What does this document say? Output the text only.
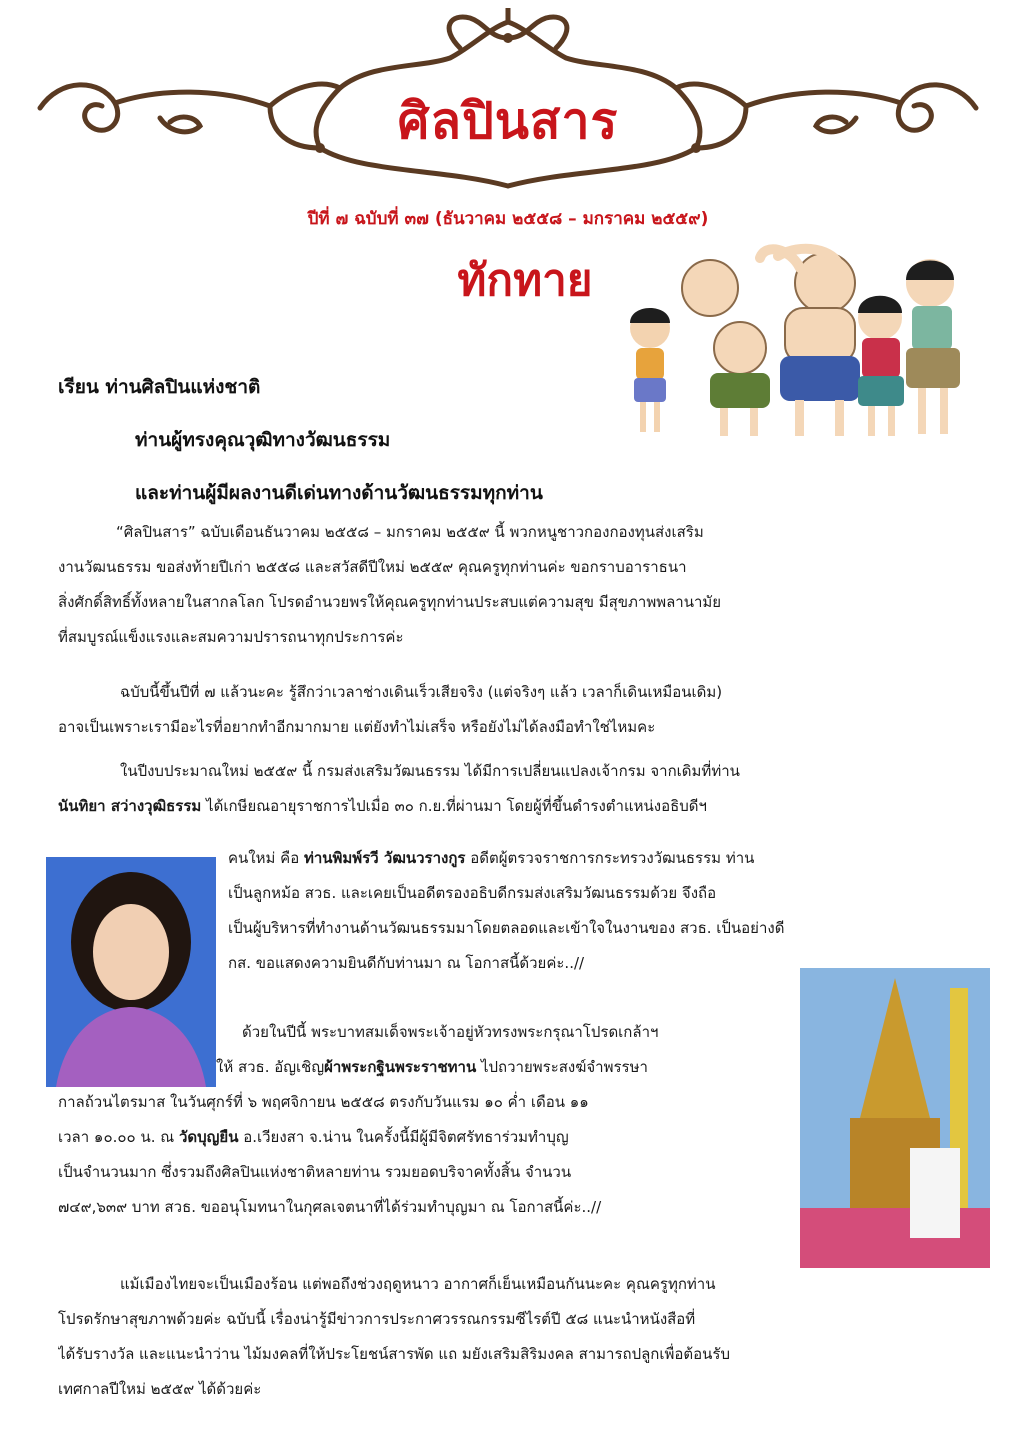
ศิลปินสาร
ปีที่ ๗ ฉบับที่ ๓๗ (ธันวาคม ๒๕๕๘ – มกราคม ๒๕๕๙)
ทักทาย
เรียน ท่านศิลปินแห่งชาติ
ท่านผู้ทรงคุณวุฒิทางวัฒนธรรม
และท่านผู้มีผลงานดีเด่นทางด้านวัฒนธรรมทุกท่าน
“ศิลปินสาร” ฉบับเดือนธันวาคม ๒๕๕๘ – มกราคม ๒๕๕๙ นี้ พวกหนูชาวกองกองทุนส่งเสริม
งานวัฒนธรรม ขอส่งท้ายปีเก่า ๒๕๕๘ และสวัสดีปีใหม่ ๒๕๕๙ คุณครูทุกท่านค่ะ ขอกราบอาราธนา
สิ่งศักดิ์สิทธิ์ทั้งหลายในสากลโลก โปรดอำนวยพรให้คุณครูทุกท่านประสบแต่ความสุข มีสุขภาพพลานามัย
ที่สมบูรณ์แข็งแรงและสมความปรารถนาทุกประการค่ะ
ฉบับนี้ขึ้นปีที่ ๗ แล้วนะคะ รู้สึกว่าเวลาช่างเดินเร็วเสียจริง (แต่จริงๆ แล้ว เวลาก็เดินเหมือนเดิม)
อาจเป็นเพราะเรามีอะไรที่อยากทำอีกมากมาย แต่ยังทำไม่เสร็จ หรือยังไม่ได้ลงมือทำใช่ไหมคะ
ในปีงบประมาณใหม่ ๒๕๕๙ นี้ กรมส่งเสริมวัฒนธรรม ได้มีการเปลี่ยนแปลงเจ้ากรม จากเดิมที่ท่าน
นันทิยา สว่างวุฒิธรรม ได้เกษียณอายุราชการไปเมื่อ ๓๐ ก.ย.ที่ผ่านมา โดยผู้ที่ขึ้นดำรงตำแหน่งอธิบดีฯ
คนใหม่ คือ ท่านพิมพ์รวี วัฒนวรางกูร อดีตผู้ตรวจราชการกระทรวงวัฒนธรรม ท่าน
เป็นลูกหม้อ สวธ. และเคยเป็นอดีตรองอธิบดีกรมส่งเสริมวัฒนธรรมด้วย จึงถือ
เป็นผู้บริหารที่ทำงานด้านวัฒนธรรมมาโดยตลอดและเข้าใจในงานของ สวธ. เป็นอย่างดี
กส. ขอแสดงความยินดีกับท่านมา ณ โอกาสนี้ด้วยค่ะ..//
ด้วยในปีนี้ พระบาทสมเด็จพระเจ้าอยู่หัวทรงพระกรุณาโปรดเกล้าฯ
ให้ สวธ. อัญเชิญผ้าพระกฐินพระราชทาน ไปถวายพระสงฆ์จำพรรษา
กาลถ้วนไตรมาส ในวันศุกร์ที่ ๖ พฤศจิกายน ๒๕๕๘ ตรงกับวันแรม ๑๐ ค่ำ เดือน ๑๑
เวลา ๑๐.๐๐ น. ณ วัดบุญยืน อ.เวียงสา จ.น่าน ในครั้งนี้มีผู้มีจิตศรัทธาร่วมทำบุญ
เป็นจำนวนมาก ซึ่งรวมถึงศิลปินแห่งชาติหลายท่าน รวมยอดบริจาคทั้งสิ้น จำนวน
๗๔๙,๖๓๙ บาท สวธ. ขออนุโมทนาในกุศลเจตนาที่ได้ร่วมทำบุญมา ณ โอกาสนี้ค่ะ..//
แม้เมืองไทยจะเป็นเมืองร้อน แต่พอถึงช่วงฤดูหนาว อากาศก็เย็นเหมือนกันนะคะ คุณครูทุกท่าน
โปรดรักษาสุขภาพด้วยค่ะ ฉบับนี้ เรื่องน่ารู้มีข่าวการประกาศวรรณกรรมซีไรต์ปี ๕๘ แนะนำหนังสือที่
ได้รับรางวัล และแนะนำว่าน ไม้มงคลที่ให้ประโยชน์สารพัด แถ มยังเสริมสิริมงคล สามารถปลูกเพื่อต้อนรับ
เทศกาลปีใหม่ ๒๕๕๙ ได้ด้วยค่ะ
